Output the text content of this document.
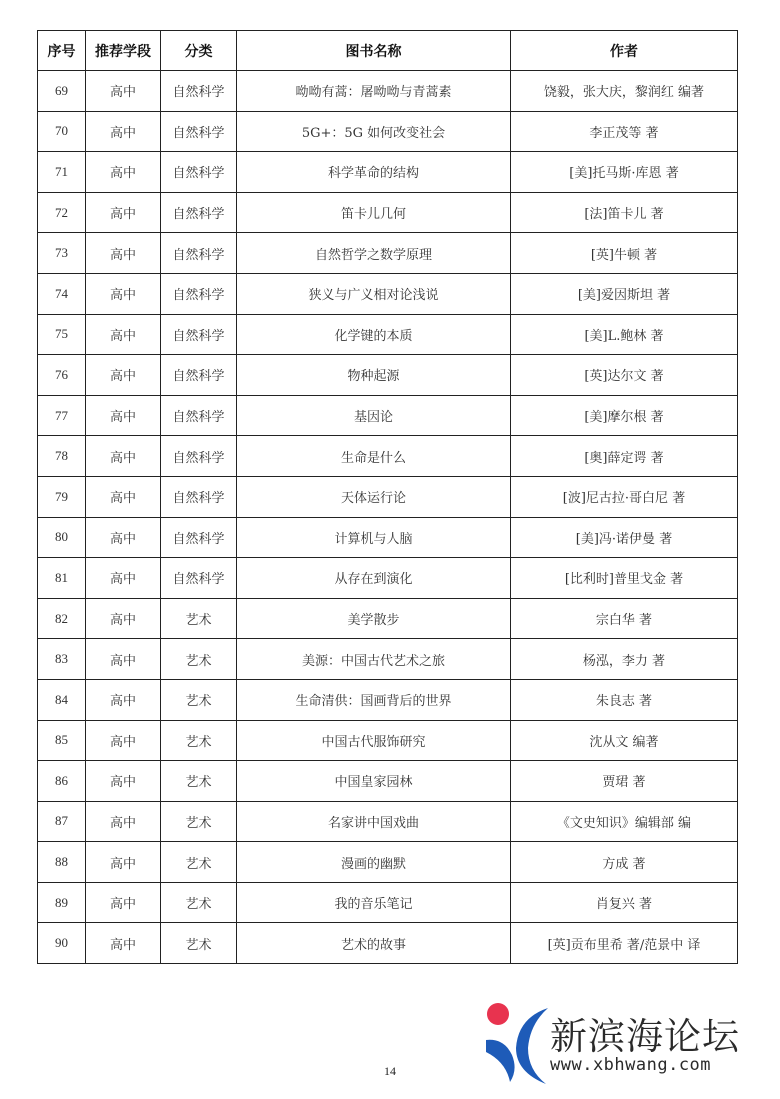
序号	推荐学段	分类	图书名称	作者
69	高中	自然科学	呦呦有蒿：屠呦呦与青蒿素	饶毅，张大庆，黎润红 编著
70	高中	自然科学	5G+：5G 如何改变社会	李正茂等 著
71	高中	自然科学	科学革命的结构	[美]托马斯·库恩 著
72	高中	自然科学	笛卡儿几何	[法]笛卡儿 著
73	高中	自然科学	自然哲学之数学原理	[英]牛顿 著
74	高中	自然科学	狭义与广义相对论浅说	[美]爱因斯坦 著
75	高中	自然科学	化学键的本质	[美]L.鲍林 著
76	高中	自然科学	物种起源	[英]达尔文 著
77	高中	自然科学	基因论	[美]摩尔根 著
78	高中	自然科学	生命是什么	[奥]薛定谔 著
79	高中	自然科学	天体运行论	[波]尼古拉·哥白尼 著
80	高中	自然科学	计算机与人脑	[美]冯·诺伊曼 著
81	高中	自然科学	从存在到演化	[比利时]普里戈金 著
82	高中	艺术	美学散步	宗白华 著
83	高中	艺术	美源：中国古代艺术之旅	杨泓，李力 著
84	高中	艺术	生命清供：国画背后的世界	朱良志 著
85	高中	艺术	中国古代服饰研究	沈从文 编著
86	高中	艺术	中国皇家园林	贾珺 著
87	高中	艺术	名家讲中国戏曲	《文史知识》编辑部 编
88	高中	艺术	漫画的幽默	方成 著
89	高中	艺术	我的音乐笔记	肖复兴 著
90	高中	艺术	艺术的故事	[英]贡布里希 著/范景中 译
14
新滨海论坛
www.xbhwang.com
